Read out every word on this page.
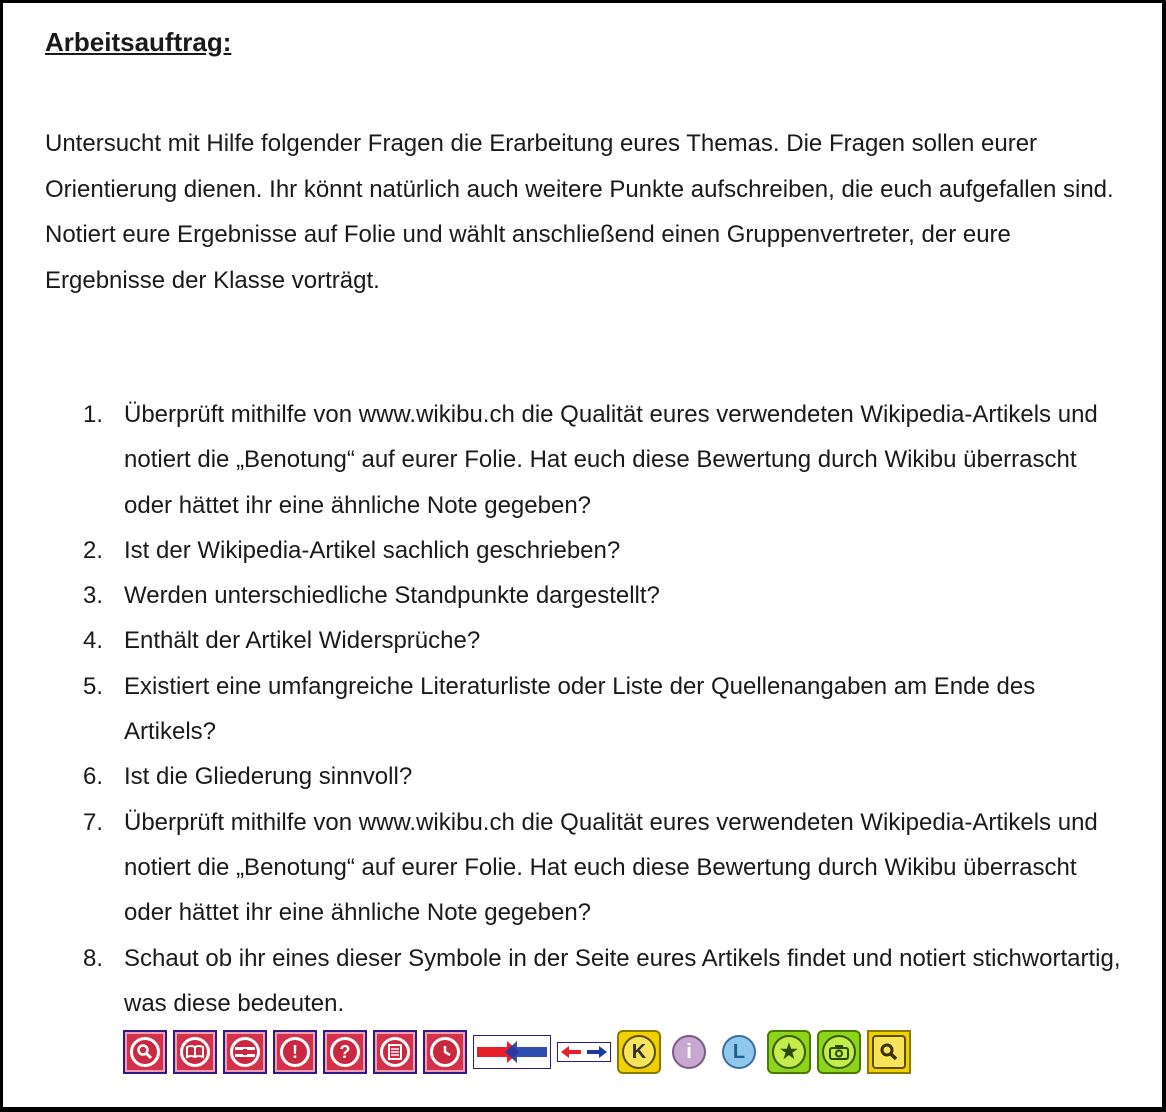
Arbeitsauftrag:

Untersucht mit Hilfe folgender Fragen die Erarbeitung eures Themas. Die Fragen sollen eurer Orientierung dienen. Ihr könnt natürlich auch weitere Punkte aufschreiben, die euch aufgefallen sind.

Notiert eure Ergebnisse auf Folie und wählt anschließend einen Gruppenvertreter, der eure Ergebnisse der Klasse vorträgt.

1. Überprüft mithilfe von www.wikibu.ch die Qualität eures verwendeten Wikipedia-Artikels und notiert die „Benotung“ auf eurer Folie. Hat euch diese Bewertung durch Wikibu überrascht oder hättet ihr eine ähnliche Note gegeben?
2. Ist der Wikipedia-Artikel sachlich geschrieben?
3. Werden unterschiedliche Standpunkte dargestellt?
4. Enthält der Artikel Widersprüche?
5. Existiert eine umfangreiche Literaturliste oder Liste der Quellenangaben am Ende des Artikels?
6. Ist die Gliederung sinnvoll?
7. Überprüft mithilfe von www.wikibu.ch die Qualität eures verwendeten Wikipedia-Artikels und notiert die „Benotung“ auf eurer Folie. Hat euch diese Bewertung durch Wikibu überrascht oder hättet ihr eine ähnliche Note gegeben?
8. Schaut ob ihr eines dieser Symbole in der Seite eures Artikels findet und notiert stichwortartig, was diese bedeuten.
!	?	K	i	L	★
